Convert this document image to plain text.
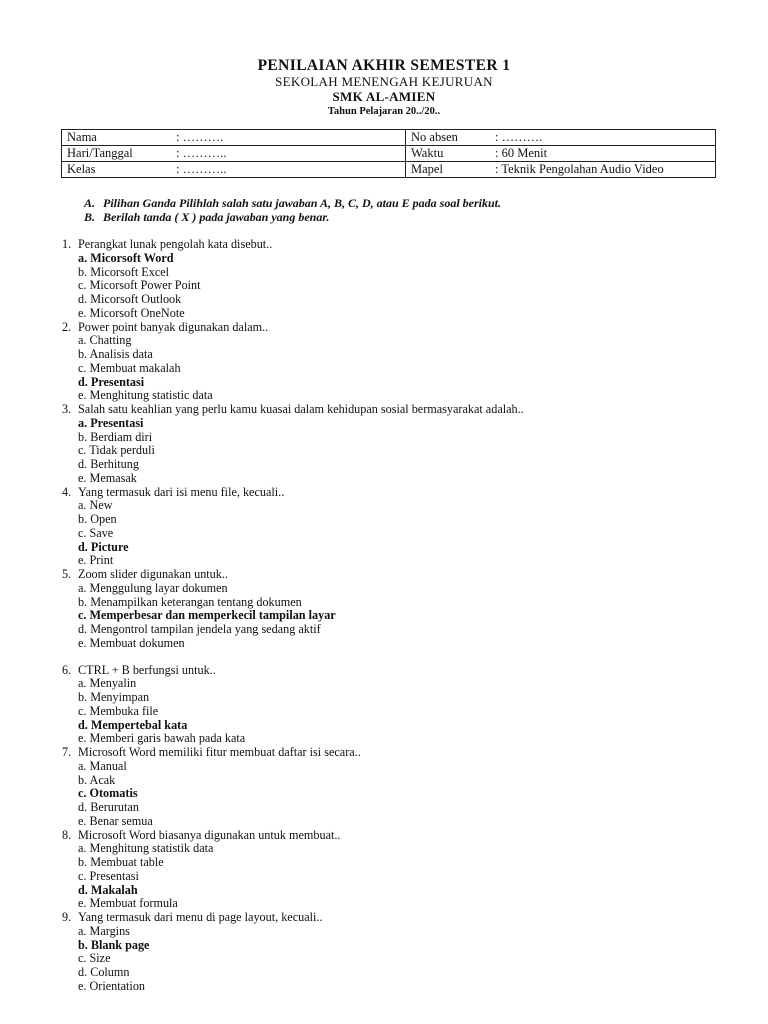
PENILAIAN AKHIR SEMESTER 1
SEKOLAH MENENGAH KEJURUAN
SMK AL-AMIEN
Tahun Pelajaran 20../20..
Nama : ……….	No absen : ……….
Hari/Tanggal : ………..	Waktu : 60 Menit
Kelas : ………..	Mapel : Teknik Pengolahan Audio Video
A. Pilihan Ganda Pilihlah salah satu jawaban A, B, C, D, atau E pada soal berikut.
B. Berilah tanda ( X ) pada jawaban yang benar.
1. Perangkat lunak pengolah kata disebut..
a. Micorsoft Word
b. Micorsoft Excel
c. Micorsoft Power Point
d. Micorsoft Outlook
e. Micorsoft OneNote
2. Power point banyak digunakan dalam..
a. Chatting
b. Analisis data
c. Membuat makalah
d. Presentasi
e. Menghitung statistic data
3. Salah satu keahlian yang perlu kamu kuasai dalam kehidupan sosial bermasyarakat adalah..
a. Presentasi
b. Berdiam diri
c. Tidak perduli
d. Berhitung
e. Memasak
4. Yang termasuk dari isi menu file, kecuali..
a. New
b. Open
c. Save
d. Picture
e. Print
5. Zoom slider digunakan untuk..
a. Menggulung layar dokumen
b. Menampilkan keterangan tentang dokumen
c. Memperbesar dan memperkecil tampilan layar
d. Mengontrol tampilan jendela yang sedang aktif
e. Membuat dokumen
6. CTRL + B berfungsi untuk..
a. Menyalin
b. Menyimpan
c. Membuka file
d. Mempertebal kata
e. Memberi garis bawah pada kata
7. Microsoft Word memiliki fitur membuat daftar isi secara..
a. Manual
b. Acak
c. Otomatis
d. Berurutan
e. Benar semua
8. Microsoft Word biasanya digunakan untuk membuat..
a. Menghitung statistik data
b. Membuat table
c. Presentasi
d. Makalah
e. Membuat formula
9. Yang termasuk dari menu di page layout, kecuali..
a. Margins
b. Blank page
c. Size
d. Column
e. Orientation
